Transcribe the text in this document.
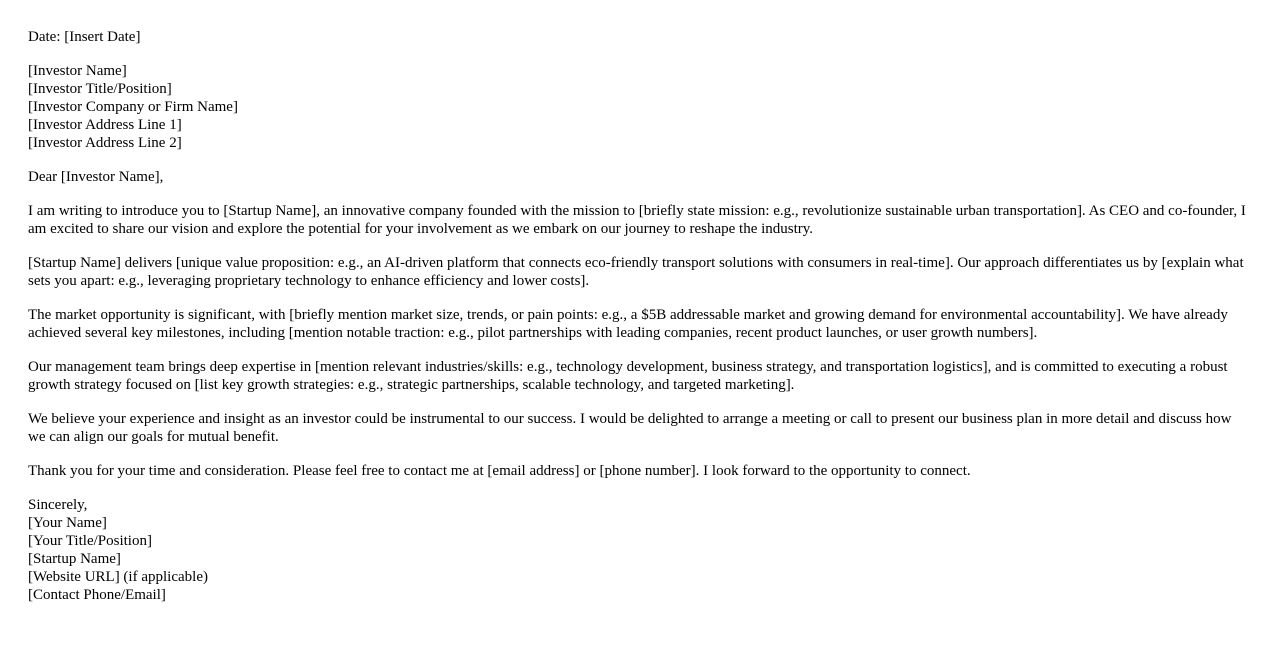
Date: [Insert Date]
[Investor Name]
[Investor Title/Position]
[Investor Company or Firm Name]
[Investor Address Line 1]
[Investor Address Line 2]
Dear [Investor Name],

I am writing to introduce you to [Startup Name], an innovative company founded with the mission to [briefly state mission: e.g., revolutionize sustainable urban transportation]. As CEO and co-founder, I am excited to share our vision and explore the potential for your involvement as we embark on our journey to reshape the industry.

[Startup Name] delivers [unique value proposition: e.g., an AI-driven platform that connects eco-friendly transport solutions with consumers in real-time]. Our approach differentiates us by [explain what sets you apart: e.g., leveraging proprietary technology to enhance efficiency and lower costs].

The market opportunity is significant, with [briefly mention market size, trends, or pain points: e.g., a $5B addressable market and growing demand for environmental accountability]. We have already achieved several key milestones, including [mention notable traction: e.g., pilot partnerships with leading companies, recent product launches, or user growth numbers].

Our management team brings deep expertise in [mention relevant industries/skills: e.g., technology development, business strategy, and transportation logistics], and is committed to executing a robust growth strategy focused on [list key growth strategies: e.g., strategic partnerships, scalable technology, and targeted marketing].

We believe your experience and insight as an investor could be instrumental to our success. I would be delighted to arrange a meeting or call to present our business plan in more detail and discuss how we can align our goals for mutual benefit.

Thank you for your time and consideration. Please feel free to contact me at [email address] or [phone number]. I look forward to the opportunity to connect.

Sincerely,
[Your Name]
[Your Title/Position]
[Startup Name]
[Website URL] (if applicable)
[Contact Phone/Email]
